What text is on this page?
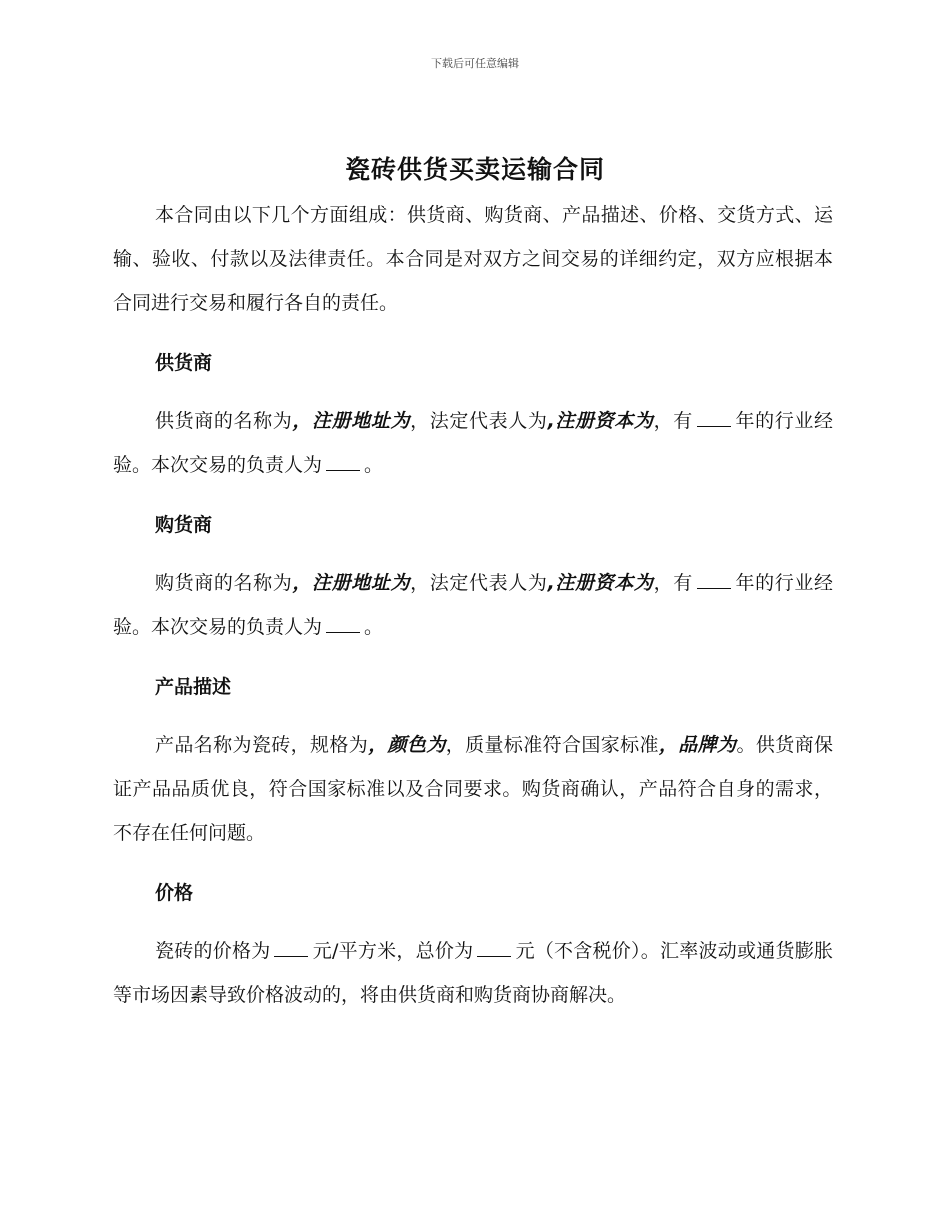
下载后可任意编辑
瓷砖供货买卖运输合同

本合同由以下几个方面组成：供货商、购货商、产品描述、价格、交货方式、运输、验收、付款以及法律责任。本合同是对双方之间交易的详细约定，双方应根据本合同进行交易和履行各自的责任。

供货商

供货商的名称为，注册地址为，法定代表人为,注册资本为，有 年的行业经验。本次交易的负责人为 。

购货商

购货商的名称为，注册地址为，法定代表人为,注册资本为，有 年的行业经验。本次交易的负责人为 。

产品描述

产品名称为瓷砖，规格为，颜色为，质量标准符合国家标准，品牌为。供货商保证产品品质优良，符合国家标准以及合同要求。购货商确认，产品符合自身的需求，不存在任何问题。

价格

瓷砖的价格为 元/平方米，总价为 元（不含税价）。汇率波动或通货膨胀等市场因素导致价格波动的，将由供货商和购货商协商解决。
